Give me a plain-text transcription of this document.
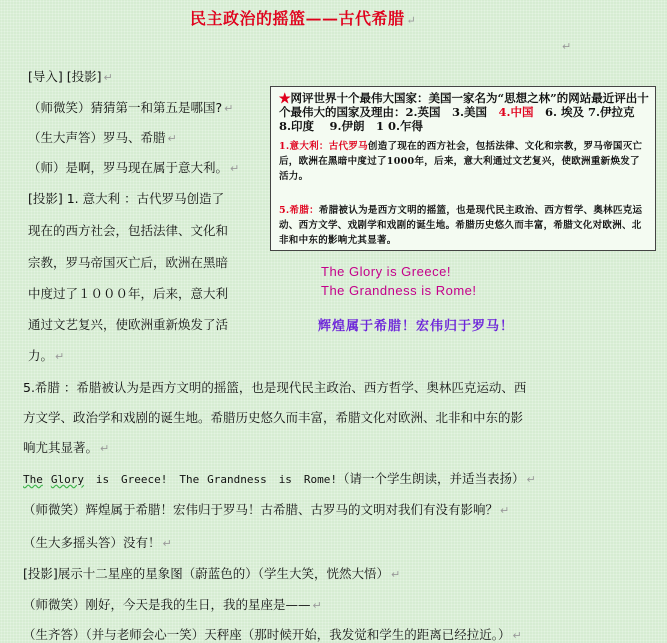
民主政治的摇篮——古代希腊 ↵
↵
[导入] [投影] ↵
（师微笑）猜猜第一和第五是哪国? ↵
（生大声答）罗马、希腊 ↵
（师）是啊，罗马现在属于意大利。 ↵
[投影] 1. 意大利 ：古代罗马创造了
现在的西方社会，包括法律、文化和
宗教，罗马帝国灭亡后，欧洲在黑暗
中度过了１０００年，后来，意大利
通过文艺复兴，使欧洲重新焕发了活
力。 ↵
★网评世界十个最伟大国家：美国一家名为“思想之林”的网站最近评出十个最伟大的国家及理由：2.英国　3.美国　4.中国　6. 埃及 7.伊拉克　8.印度　 9.伊朗　1 0.乍得
1.意大利：古代罗马创造了现在的西方社会，包括法律、文化和宗教，罗马帝国灭亡后，欧洲在黑暗中度过了1000年，后来，意大利通过文艺复兴，使欧洲重新焕发了活力。
5.希腊：希腊被认为是西方文明的摇篮，也是现代民主政治、西方哲学、奥林匹克运动、西方文学、戏剧学和戏剧的诞生地。希腊历史悠久而丰富，希腊文化对欧洲、北非和中东的影响尤其显著。
The Glory is Greece!
The Grandness is Rome!
辉煌属于希腊！宏伟归于罗马！
5.希腊 ：希腊被认为是西方文明的摇篮，也是现代民主政治、西方哲学、奥林匹克运动、西
方文学、政治学和戏剧的诞生地。希腊历史悠久而丰富，希腊文化对欧洲、北非和中东的影
响尤其显著。 ↵
The Glory is Greece! The Grandness is Rome!（请一个学生朗读，并适当表扬） ↵
（师微笑）辉煌属于希腊！宏伟归于罗马！古希腊、古罗马的文明对我们有没有影响？ ↵
（生大多摇头答）没有！ ↵
[投影]展示十二星座的星象图（蔚蓝色的）（学生大笑，恍然大悟） ↵
（师微笑）刚好，今天是我的生日，我的星座是—— ↵
（生齐答）（并与老师会心一笑）天秤座（那时候开始，我发觉和学生的距离已经拉近。） ↵
